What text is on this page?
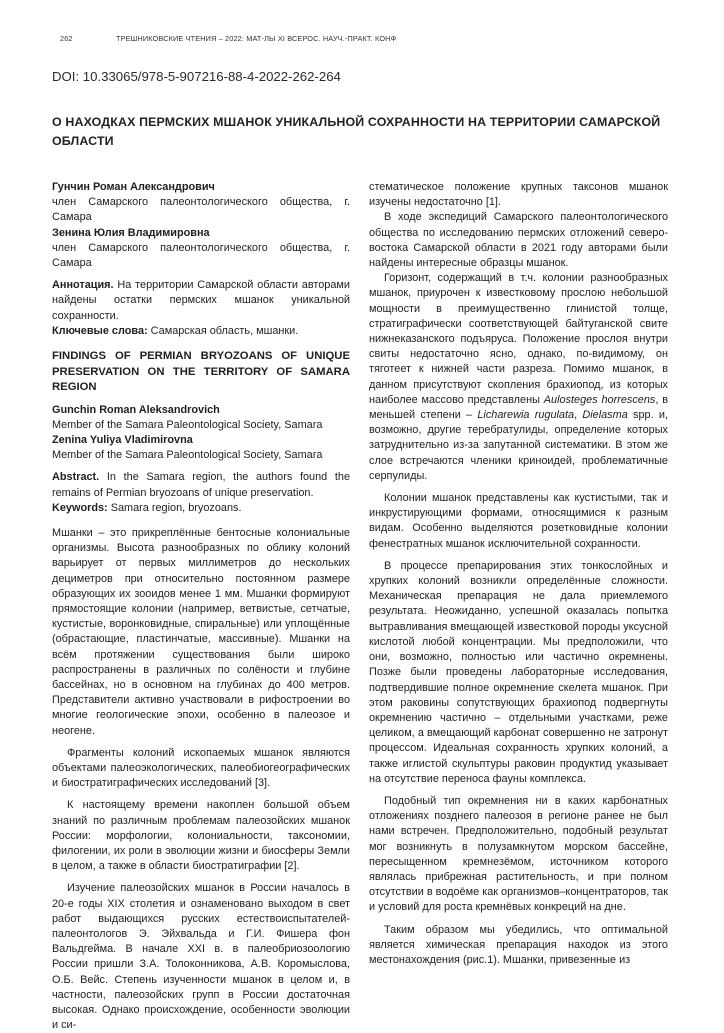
262	ТРЕШНИКОВСКИЕ ЧТЕНИЯ – 2022: МАТ-ЛЫ XI ВСЕРОС. НАУЧ.-ПРАКТ. КОНФ
DOI: 10.33065/978-5-907216-88-4-2022-262-264
О НАХОДКАХ ПЕРМСКИХ МШАНОК УНИКАЛЬНОЙ СОХРАННОСТИ НА ТЕРРИТОРИИ САМАРСКОЙ ОБЛАСТИ

Гунчин Роман Александрович

член Самарского палеонтологического общества, г. Самара

Зенина Юлия Владимировна

член Самарского палеонтологического общества, г. Самара

Аннотация. На территории Самарской области авторами найдены остатки пермских мшанок уникальной сохранности.

Ключевые слова: Самарская область, мшанки.

FINDINGS OF PERMIAN BRYOZOANS OF UNIQUE PRESERVATION ON THE TERRITORY OF SAMARA REGION

Gunchin Roman Aleksandrovich

Member of the Samara Paleontological Society, Samara

Zenina Yuliya Vladimirovna

Member of the Samara Paleontological Society, Samara

Abstract. In the Samara region, the authors found the remains of Permian bryozoans of unique preservation.

Keywords: Samara region, bryozoans.

Мшанки – это прикреплённые бентосные колониальные организмы. Высота разнообразных по облику колоний варьирует от первых миллиметров до нескольких дециметров при относительно постоянном размере образующих их зооидов менее 1 мм. Мшанки формируют прямостоящие колонии (например, ветвистые, сетчатые, кустистые, воронковидные, спиральные) или уплощённые (обрастающие, пластинчатые, массивные). Мшанки на всём протяжении существования были широко распространены в различных по солёности и глубине бассейнах, но в основном на глубинах до 400 метров. Представители активно участвовали в рифостроении во многие геологические эпохи, особенно в палеозое и неогене.

Фрагменты колоний ископаемых мшанок являются объектами палеоэкологических, палеобиогеографических и биостратиграфических исследований [3].

К настоящему времени накоплен большой объем знаний по различным проблемам палеозойских мшанок России: морфологии, колониальности, таксономии, филогении, их роли в эволюции жизни и биосферы Земли в целом, а также в области биостратиграфии [2].

Изучение палеозойских мшанок в России началось в 20-е годы XIX столетия и ознаменовано выходом в свет работ выдающихся русских естествоиспытателей-палеонтологов Э. Эйхвальда и Г.И. Фишера фон Вальдгейма. В начале XXI в. в палеобриозоологию России пришли З.А. Толоконникова, А.В. Коромыслова, О.Б. Вейс. Степень изученности мшанок в целом и, в частности, палеозойских групп в России достаточная высокая. Однако происхождение, особенности эволюции и си-

стематическое положение крупных таксонов мшанок изучены недостаточно [1].

В ходе экспедиций Самарского палеонтологического общества по исследованию пермских отложений северо-востока Самарской области в 2021 году авторами были найдены интересные образцы мшанок.

Горизонт, содержащий в т.ч. колонии разнообразных мшанок, приурочен к известковому прослою небольшой мощности в преимущественно глинистой толще, стратиграфически соответствующей байтуганской свите нижнеказанского подъяруса. Положение прослоя внутри свиты недостаточно ясно, однако, по-видимому, он тяготеет к нижней части разреза. Помимо мшанок, в данном присутствуют скопления брахиопод, из которых наиболее массово представлены Aulosteges horrescens, в меньшей степени – Licharewia rugulata, Dielasma spp. и, возможно, другие теребратулиды, определение которых затруднительно из-за запутанной систематики. В этом же слое встречаются членики криноидей, проблематичные серпулиды.

Колонии мшанок представлены как кустистыми, так и инкрустирующими формами, относящимися к разным видам. Особенно выделяются розетковидные колонии фенестратных мшанок исключительной сохранности.

В процессе препарирования этих тонкослойных и хрупких колоний возникли определённые сложности. Механическая препарация не дала приемлемого результата. Неожиданно, успешной оказалась попытка вытравливания вмещающей известковой породы уксусной кислотой любой концентрации. Мы предположили, что они, возможно, полностью или частично окремнены. Позже были проведены лабораторные исследования, подтвердившие полное окремнение скелета мшанок. При этом раковины сопутствующих брахиопод подвергнуты окремнению частично – отдельными участками, реже целиком, а вмещающий карбонат совершенно не затронут процессом. Идеальная сохранность хрупких колоний, а также иглистой скульптуры раковин продуктид указывает на отсутствие переноса фауны комплекса.

Подобный тип окремнения ни в каких карбонатных отложениях позднего палеозоя в регионе ранее не был нами встречен. Предположительно, подобный результат мог возникнуть в полузамкнутом морском бассейне, пересыщенном кремнезёмом, источником которого являлась прибрежная растительность, и при полном отсутствии в водоёме как организмов–концентраторов, так и условий для роста кремнёвых конкреций на дне.

Таким образом мы убедились, что оптимальной является химическая препарация находок из этого местонахождения (рис.1). Мшанки, привезенные из
